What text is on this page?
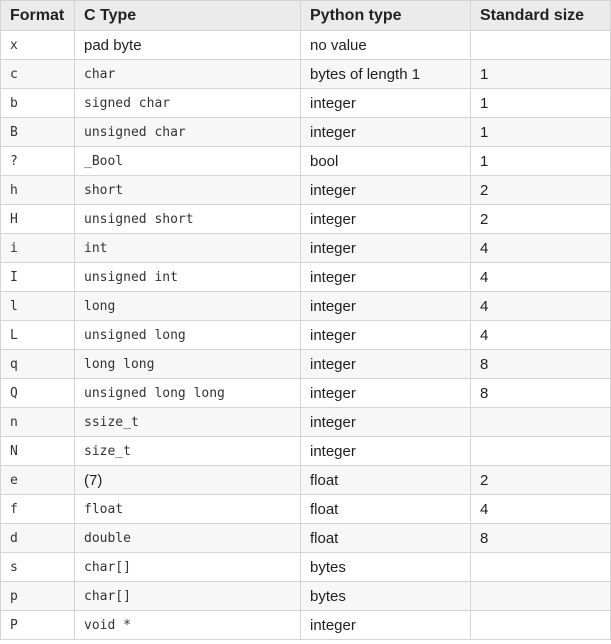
Format	C Type	Python type	Standard size
x	pad byte	no value	
c	char	bytes of length 1	1
b	signed char	integer	1
B	unsigned char	integer	1
?	_Bool	bool	1
h	short	integer	2
H	unsigned short	integer	2
i	int	integer	4
I	unsigned int	integer	4
l	long	integer	4
L	unsigned long	integer	4
q	long long	integer	8
Q	unsigned long long	integer	8
n	ssize_t	integer	
N	size_t	integer	
e	(7)	float	2
f	float	float	4
d	double	float	8
s	char[]	bytes	
p	char[]	bytes	
P	void *	integer	
